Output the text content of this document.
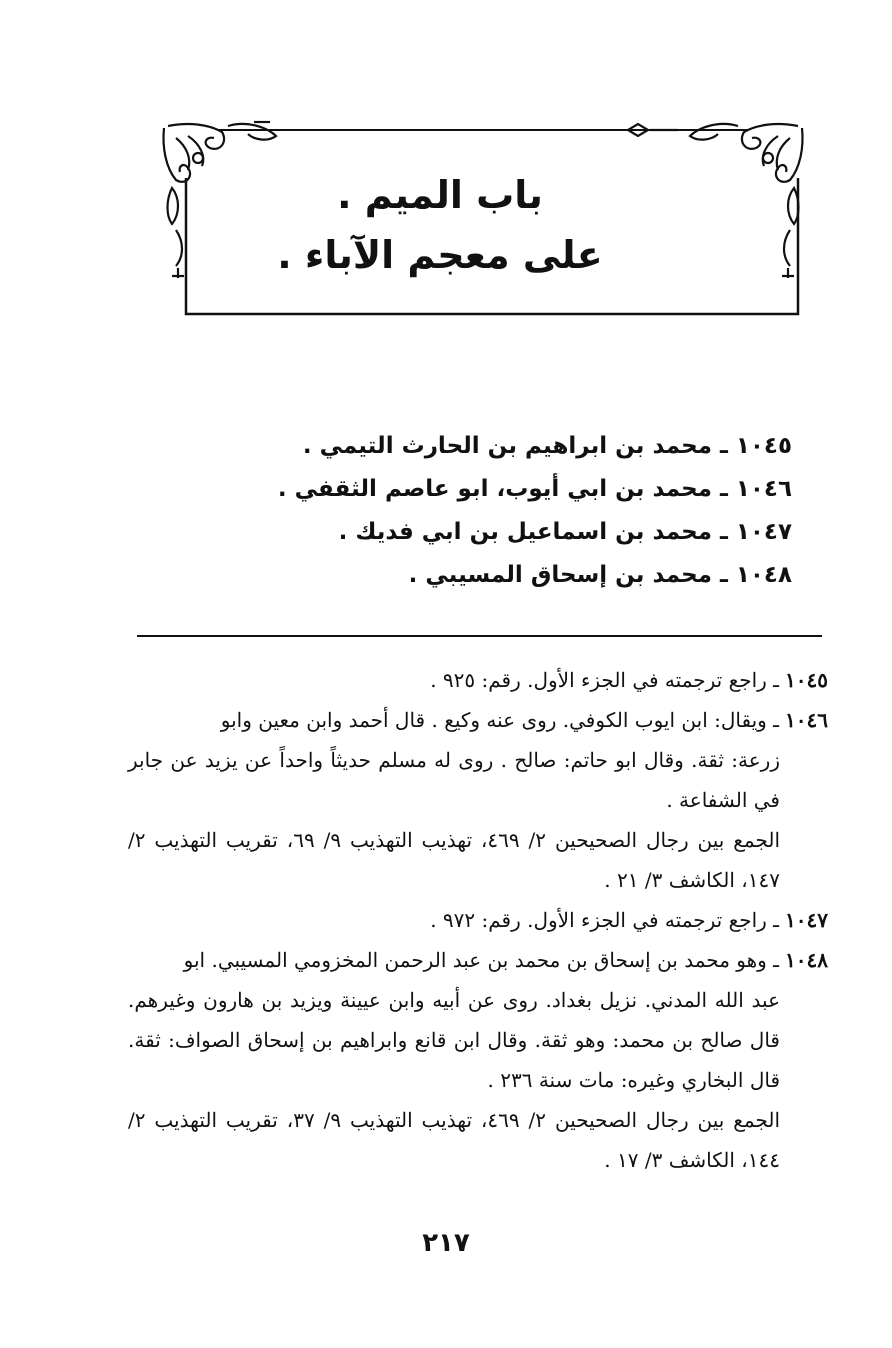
باب الميم .
على معجم الآباء .
١٠٤٥ـ محمد بن ابراهيم بن الحارث التيمي .
١٠٤٦ـ محمد بن ابي أيوب، ابو عاصم الثقفي .
١٠٤٧ـ محمد بن اسماعيل بن ابي فديك .
١٠٤٨ـ محمد بن إسحاق المسيبي .
١٠٤٥ـ راجع ترجمته في الجزء الأول. رقم: ٩٢٥ .
١٠٤٦ـ ويقال: ابن ايوب الكوفي. روى عنه وكيع . قال أحمد وابن معين وابو
زرعة: ثقة. وقال ابو حاتم: صالح . روى له مسلم حديثاً واحداً عن يزيد عن جابر في الشفاعة .
الجمع بين رجال الصحيحين ٢/ ٤٦٩، تهذيب التهذيب ٩/ ٦٩، تقريب التهذيب ٢/ ١٤٧، الكاشف ٣/ ٢١ .
١٠٤٧ـ راجع ترجمته في الجزء الأول. رقم: ٩٧٢ .
١٠٤٨ـ وهو محمد بن إسحاق بن محمد بن عبد الرحمن المخزومي المسيبي. ابو
عبد الله المدني. نزيل بغداد. روى عن أبيه وابن عيينة ويزيد بن هارون وغيرهم. قال صالح بن محمد: وهو ثقة. وقال ابن قانع وابراهيم بن إسحاق الصواف: ثقة. قال البخاري وغيره: مات سنة ٢٣٦ .
الجمع بين رجال الصحيحين ٢/ ٤٦٩، تهذيب التهذيب ٩/ ٣٧، تقريب التهذيب ٢/ ١٤٤، الكاشف ٣/ ١٧ .
٢١٧
